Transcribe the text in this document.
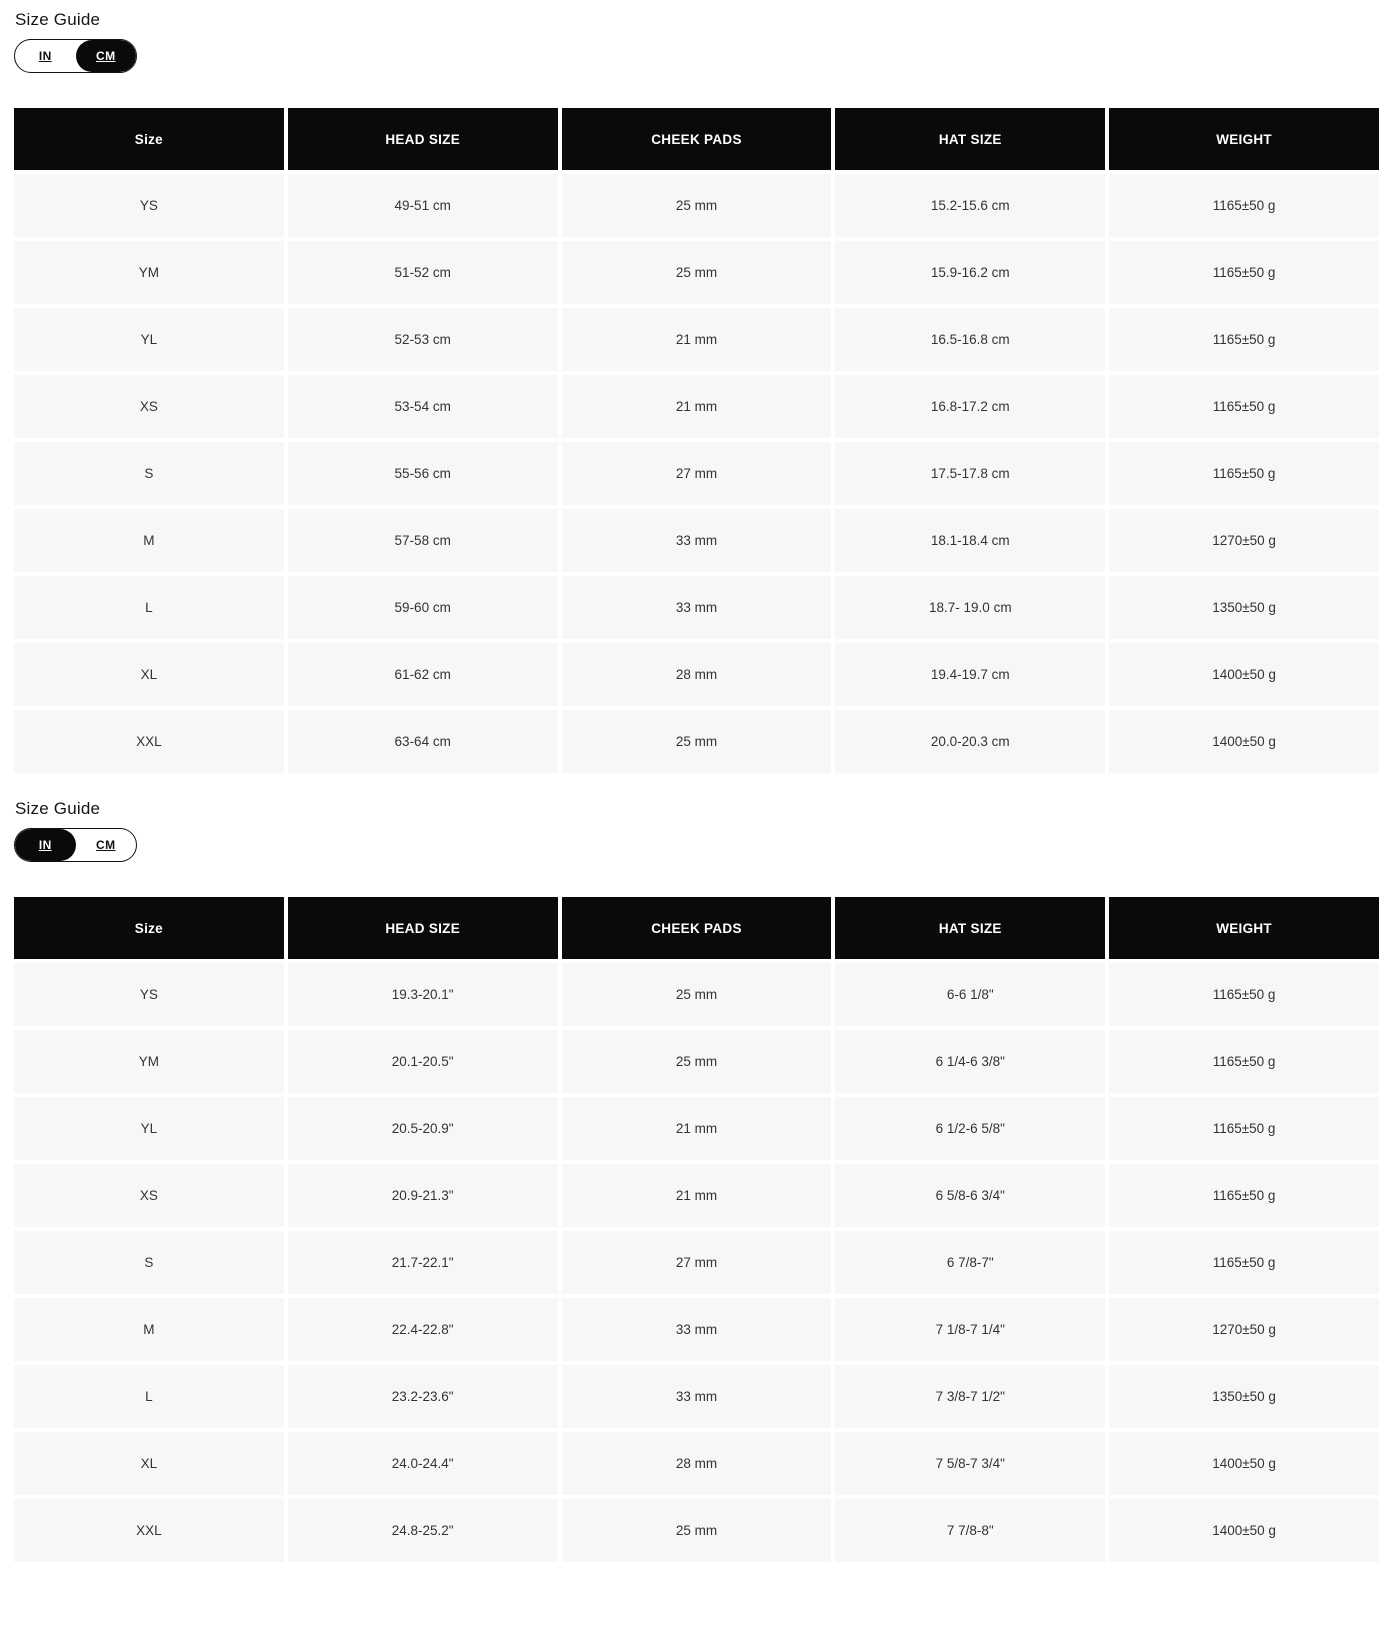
Size Guide
IN	CM
Size	HEAD SIZE	CHEEK PADS	HAT SIZE	WEIGHT
YS	49-51 cm	25 mm	15.2-15.6 cm	1165±50 g
YM	51-52 cm	25 mm	15.9-16.2 cm	1165±50 g
YL	52-53 cm	21 mm	16.5-16.8 cm	1165±50 g
XS	53-54 cm	21 mm	16.8-17.2 cm	1165±50 g
S	55-56 cm	27 mm	17.5-17.8 cm	1165±50 g
M	57-58 cm	33 mm	18.1-18.4 cm	1270±50 g
L	59-60 cm	33 mm	18.7- 19.0 cm	1350±50 g
XL	61-62 cm	28 mm	19.4-19.7 cm	1400±50 g
XXL	63-64 cm	25 mm	20.0-20.3 cm	1400±50 g
Size Guide
IN	CM
Size	HEAD SIZE	CHEEK PADS	HAT SIZE	WEIGHT
YS	19.3-20.1"	25 mm	6-6 1/8"	1165±50 g
YM	20.1-20.5"	25 mm	6 1/4-6 3/8"	1165±50 g
YL	20.5-20.9"	21 mm	6 1/2-6 5/8"	1165±50 g
XS	20.9-21.3"	21 mm	6 5/8-6 3/4"	1165±50 g
S	21.7-22.1"	27 mm	6 7/8-7"	1165±50 g
M	22.4-22.8"	33 mm	7 1/8-7 1/4"	1270±50 g
L	23.2-23.6"	33 mm	7 3/8-7 1/2"	1350±50 g
XL	24.0-24.4"	28 mm	7 5/8-7 3/4"	1400±50 g
XXL	24.8-25.2"	25 mm	7 7/8-8"	1400±50 g
